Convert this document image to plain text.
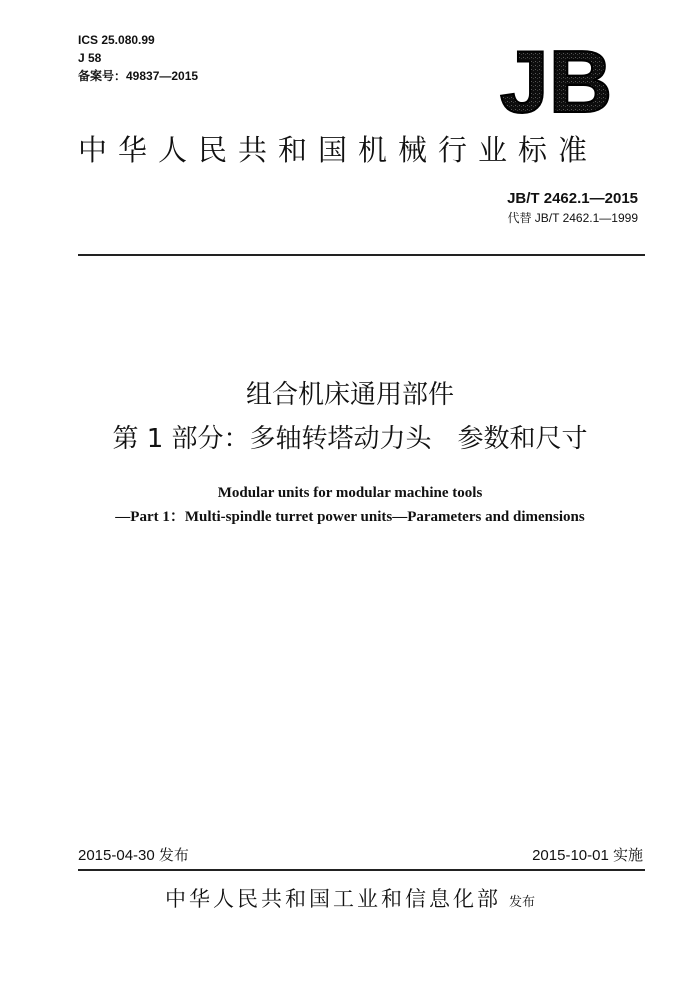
ICS 25.080.99
J 58
备案号：49837—2015	JB
中华人民共和国机械行业标准
JB/T 2462.1—2015
代替 JB/T 2462.1—1999
组合机床通用部件
第 1 部分：多轴转塔动力头　参数和尺寸
Modular units for modular machine tools
—Part 1：Multi-spindle turret power units—Parameters and dimensions
2015-04-30 发布	2015-10-01 实施
中华人民共和国工业和信息化部 发布
